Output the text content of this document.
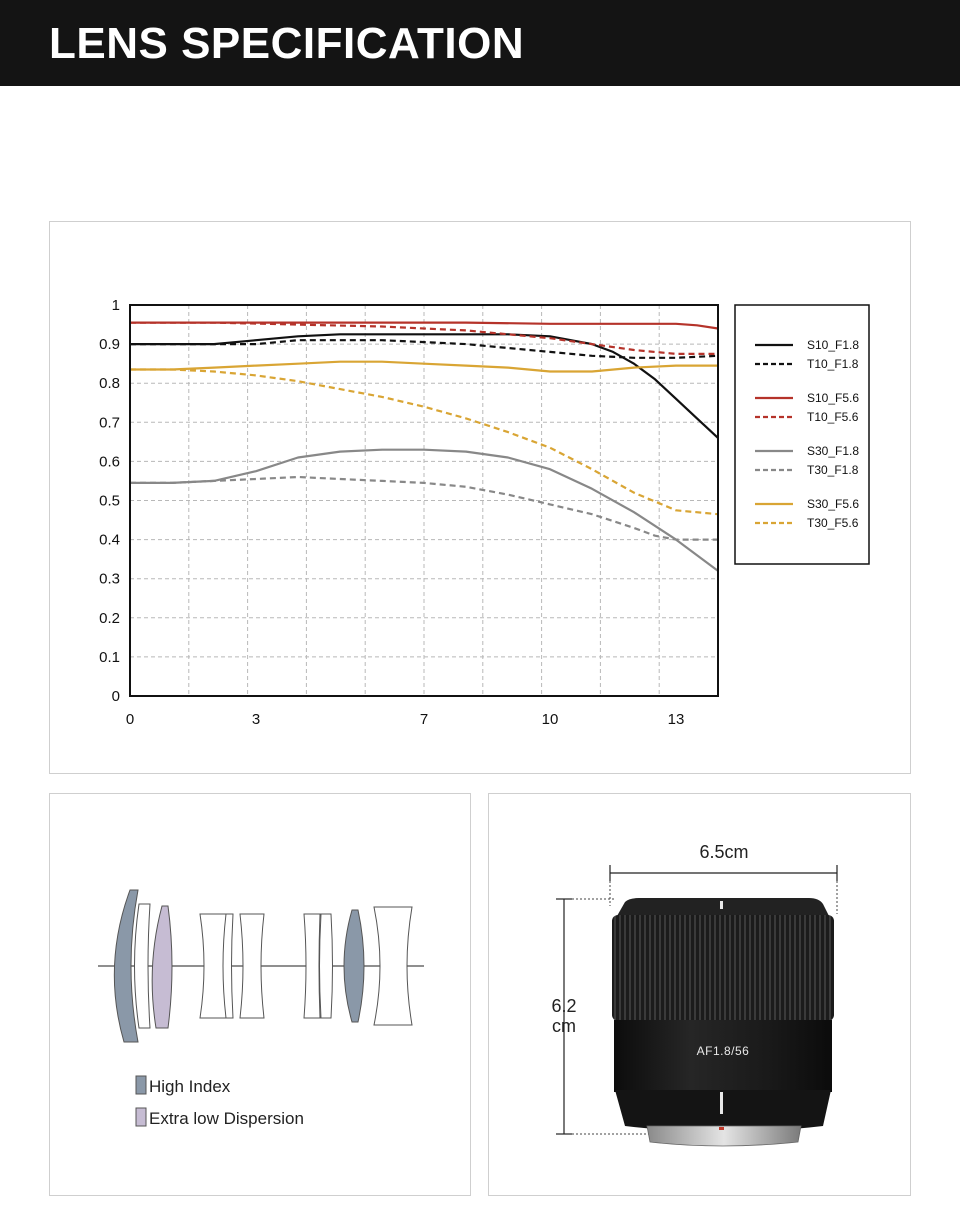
LENS SPECIFICATION
0
0.1
0.2
0.3
0.4
0.5
0.6
0.7
0.8
0.9
1
0	3	7	10	13
S10_F1.8
T10_F1.8
S10_F5.6
T10_F5.6
S30_F1.8
T30_F1.8
S30_F5.6
T30_F5.6
High Index
Extra low Dispersion
6.5cm
6.2
cm
AF1.8/56
